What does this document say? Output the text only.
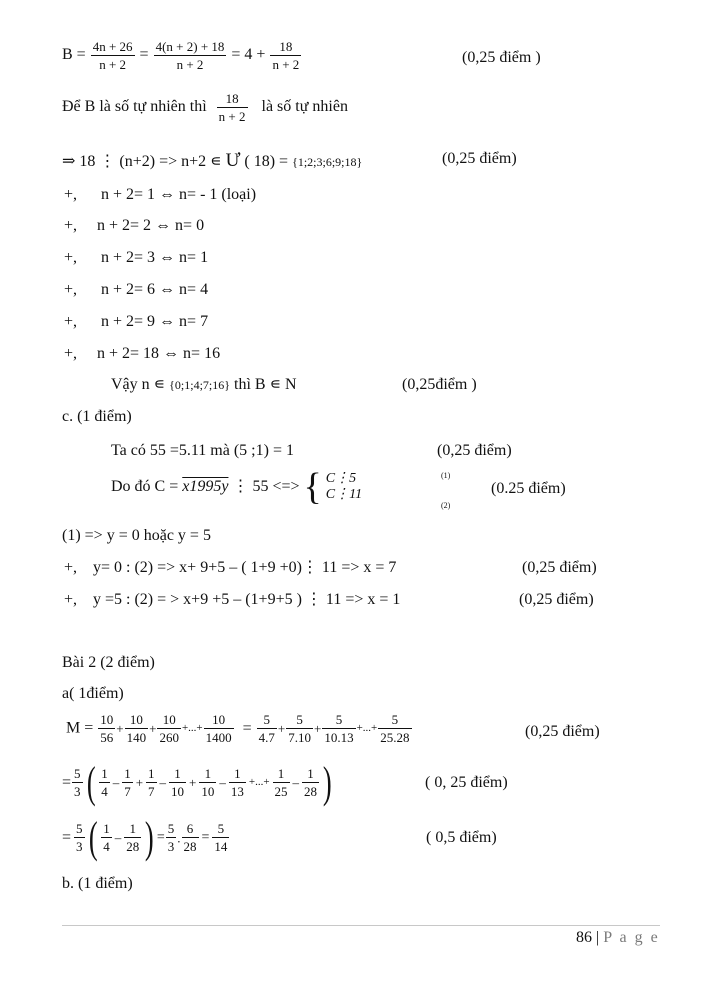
$B = \frac{4n + 26}{n + 2} = \frac{4(n + 2) + 18}{n + 2} = 4 + \frac{18}{n + 2}$	(0,25 điểm )
Để B là số tự nhiên thì $\frac{18}{n + 2}$ là số tự nhiên
⇒ 18 ⋮ (n+2) => n+2 ∊ Ư ( 18) = {1;2;3;6;9;18}	(0,25 điểm)
+, n + 2= 1 ⇔ n= - 1 (loại)
+, n + 2= 2 ⇔ n= 0
+, n + 2= 3 ⇔ n= 1
+, n + 2= 6 ⇔ n= 4
+, n + 2= 9 ⇔ n= 7
+, n + 2= 18 ⇔ n= 16
Vậy n ∊ {0;1;4;7;16} thì B ∊ N	(0,25điểm )
c. (1 điểm)
Ta có 55 =5.11 mà (5 ;1) = 1	(0,25 điểm)
Do đó C = x1995y ⋮ 55 <=> { C⋮5
C⋮11
(1)
(2)
(0.25 điểm)
(1) => y = 0 hoặc y = 5
+, y= 0 : (2) => x+ 9+5 – ( 1+9 +0)⋮ 11 => x = 7	(0,25 điểm)
+, y =5 : (2) = > x+9 +5 – (1+9+5 ) ⋮ 11 => x = 1	(0,25 điểm)
Bài 2 (2 điểm)
a( 1điểm)
$M = \frac{10}{56} + \frac{10}{140} + \frac{10}{260}$ +...+ $\frac{10}{1400} = \frac{5}{4.7} + \frac{5}{7.10} + \frac{5}{10.13}$ +...+ $\frac{5}{25.28}$	(0,25 điểm)
= $\frac{5}{3}$ ( $\frac{1}{4} - \frac{1}{7} + \frac{1}{7} - \frac{1}{10} + \frac{1}{10} - \frac{1}{13}$ +...+ $\frac{1}{25} - \frac{1}{28}$ )	( 0, 25 điểm)
= $\frac{5}{3}$ ( $\frac{1}{4} - \frac{1}{28}$ ) = $\frac{5}{3}$ . $\frac{6}{28} = \frac{5}{14}$	( 0,5 điểm)
b. (1 điểm)
86 | P a g e
